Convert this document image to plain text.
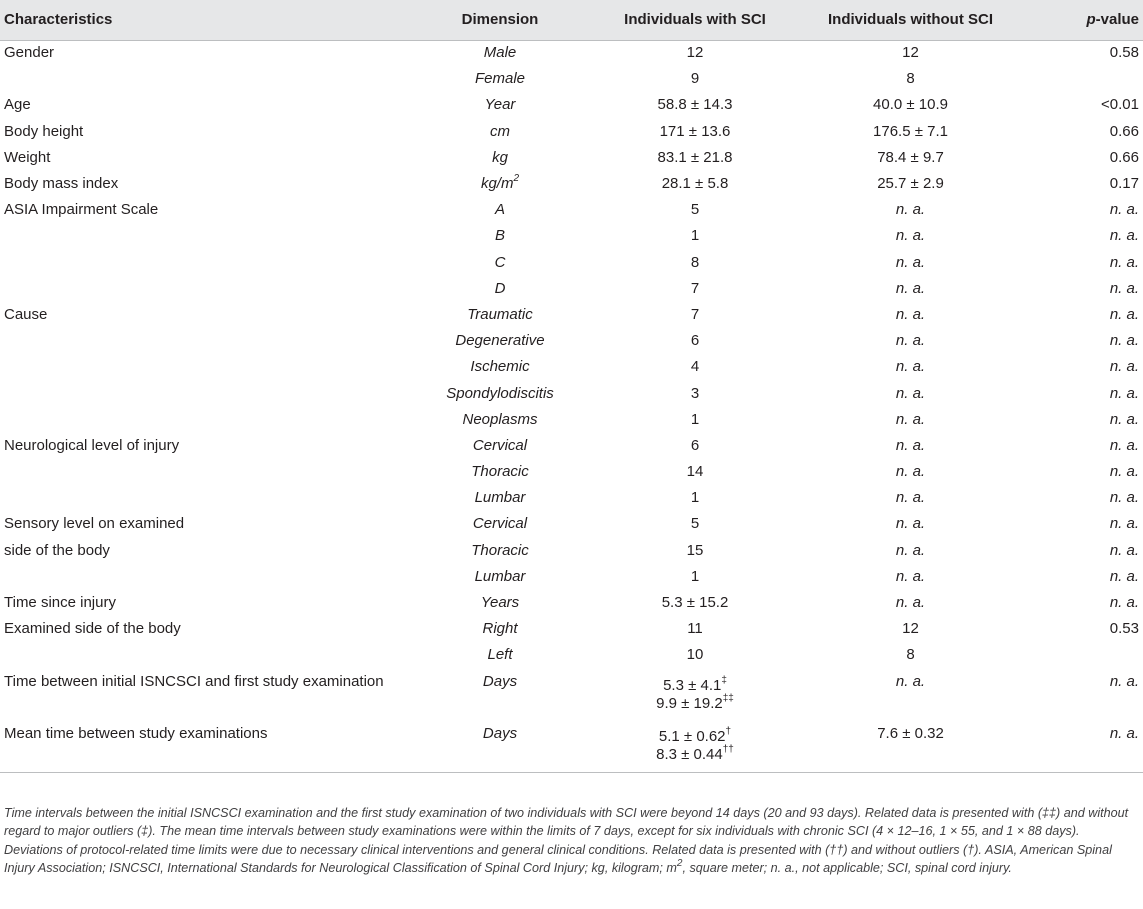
Characteristics	Dimension	Individuals with SCI	Individuals without SCI	p-value
Gender	Male	12	12	0.58
	Female	9	8	
Age	Year	58.8 ± 14.3	40.0 ± 10.9	<0.01
Body height	cm	171 ± 13.6	176.5 ± 7.1	0.66
Weight	kg	83.1 ± 21.8	78.4 ± 9.7	0.66
Body mass index	$kg/m^2$	28.1 ± 5.8	25.7 ± 2.9	0.17
ASIA Impairment Scale	A	5	n. a.	n. a.
	B	1	n. a.	n. a.
	C	8	n. a.	n. a.
	D	7	n. a.	n. a.
Cause	Traumatic	7	n. a.	n. a.
	Degenerative	6	n. a.	n. a.
	Ischemic	4	n. a.	n. a.
	Spondylodiscitis	3	n. a.	n. a.
	Neoplasms	1	n. a.	n. a.
Neurological level of injury	Cervical	6	n. a.	n. a.
	Thoracic	14	n. a.	n. a.
	Lumbar	1	n. a.	n. a.
Sensory level on examined	Cervical	5	n. a.	n. a.
side of the body	Thoracic	15	n. a.	n. a.
	Lumbar	1	n. a.	n. a.
Time since injury	Years	5.3 ± 15.2	n. a.	n. a.
Examined side of the body	Right	11	12	0.53
	Left	10	8	
Time between initial ISNCSCI and first study examination	Days	5.3 ± 4.1‡
9.9 ± 19.2‡‡	n. a.	n. a.
Mean time between study examinations	Days	5.1 ± 0.62†
8.3 ± 0.44††	7.6 ± 0.32	n. a.
Time intervals between the initial ISNCSCI examination and the first study examination of two individuals with SCI were beyond 14 days (20 and 93 days). Related data is presented with (‡‡) and without regard to major outliers (‡). The mean time intervals between study examinations were within the limits of 7 days, except for six individuals with chronic SCI (4 × 12–16, 1 × 55, and 1 × 88 days). Deviations of protocol-related time limits were due to necessary clinical interventions and general clinical conditions. Related data is presented with (††) and without outliers (†). ASIA, American Spinal Injury Association; ISNCSCI, International Standards for Neurological Classification of Spinal Cord Injury; kg, kilogram; $m^2$, square meter; n. a., not applicable; SCI, spinal cord injury.
